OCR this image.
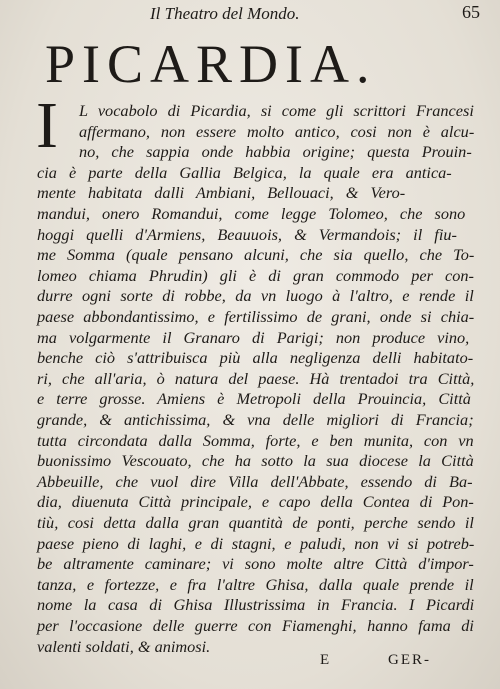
Il Theatro del Mondo.	65
PICARDIA.
I L vocabolo di Picardia, si come gli scrittori Francesi
affermano, non essere molto antico, cosi non è alcu-
no, che sappia onde habbia origine; questa Prouin-
cia è parte della Gallia Belgica, la quale era antica-
mente habitata dalli Ambiani, Bellouaci, & Vero-
mandui, onero Romandui, come legge Tolomeo, che sono
hoggi quelli d'Armiens, Beauuois, & Vermandois; il fiu-
me Somma (quale pensano alcuni, che sia quello, che To-
lomeo chiama Phrudin) gli è di gran commodo per con-
durre ogni sorte di robbe, da vn luogo à l'altro, e rende il
paese abbondantissimo, e fertilissimo de grani, onde si chia-
ma volgarmente il Granaro di Parigi; non produce vino,
benche ciò s'attribuisca più alla negligenza delli habitato-
ri, che all'aria, ò natura del paese. Hà trentadoi tra Città,
e terre grosse. Amiens è Metropoli della Prouincia, Città
grande, & antichissima, & vna delle migliori di Francia;
tutta circondata dalla Somma, forte, e ben munita, con vn
buonissimo Vescouato, che ha sotto la sua diocese la Città
Abbeuille, che vuol dire Villa dell'Abbate, essendo di Ba-
dia, diuenuta Città principale, e capo della Contea di Pon-
tiù, cosi detta dalla gran quantità de ponti, perche sendo il
paese pieno di laghi, e di stagni, e paludi, non vi si potreb-
be altramente caminare; vi sono molte altre Città d'impor-
tanza, e fortezze, e fra l'altre Ghisa, dalla quale prende il
nome la casa di Ghisa Illustrissima in Francia. I Picardi
per l'occasione delle guerre con Fiamenghi, hanno fama di
valenti soldati, & animosi.
E	GER-
